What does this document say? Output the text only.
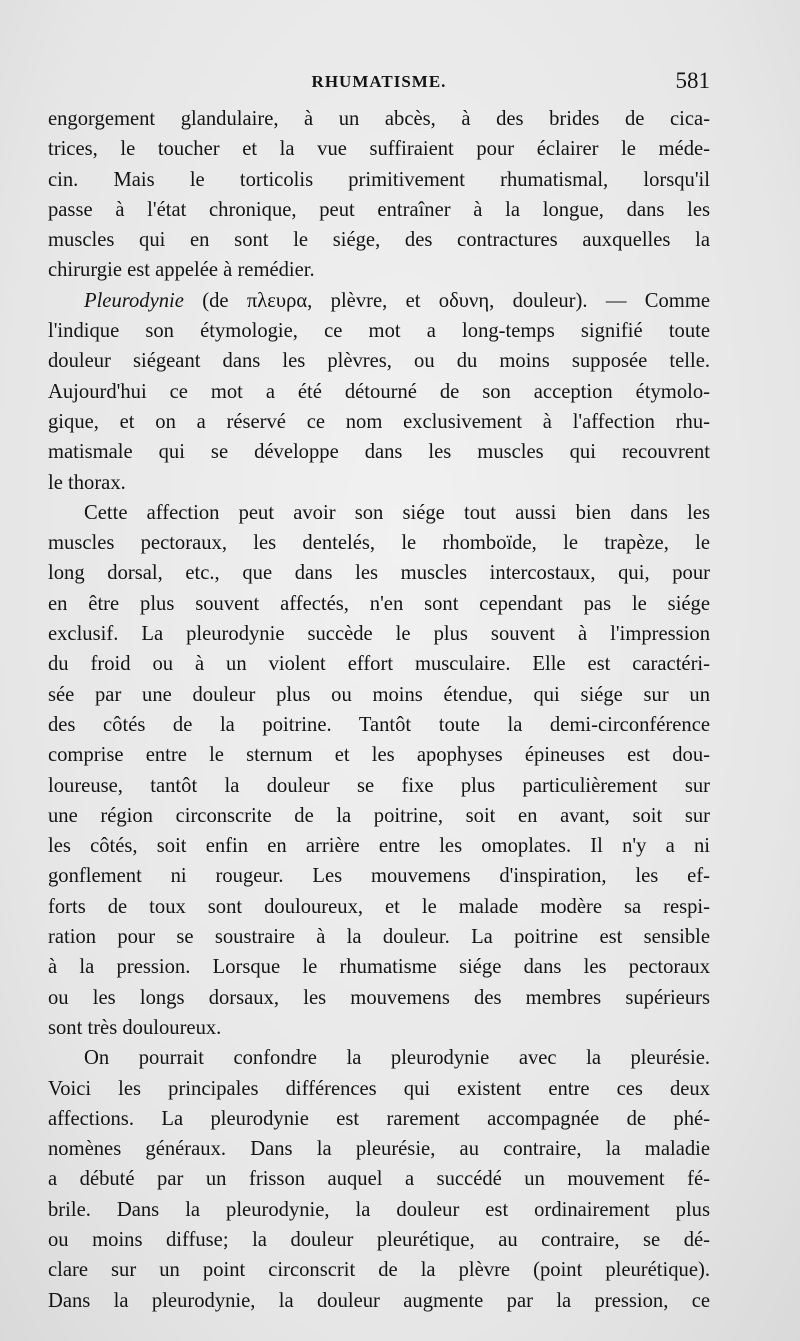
RHUMATISME.	581
engorgement glandulaire, à un abcès, à des brides de cica-
trices, le toucher et la vue suffiraient pour éclairer le méde-
cin. Mais le torticolis primitivement rhumatismal, lorsqu'il
passe à l'état chronique, peut entraîner à la longue, dans les
muscles qui en sont le siége, des contractures auxquelles la
chirurgie est appelée à remédier.
Pleurodynie (de πλευρα, plèvre, et οδυνη, douleur). — Comme
l'indique son étymologie, ce mot a long-temps signifié toute
douleur siégeant dans les plèvres, ou du moins supposée telle.
Aujourd'hui ce mot a été détourné de son acception étymolo-
gique, et on a réservé ce nom exclusivement à l'affection rhu-
matismale qui se développe dans les muscles qui recouvrent
le thorax.
Cette affection peut avoir son siége tout aussi bien dans les
muscles pectoraux, les dentelés, le rhomboïde, le trapèze, le
long dorsal, etc., que dans les muscles intercostaux, qui, pour
en être plus souvent affectés, n'en sont cependant pas le siége
exclusif. La pleurodynie succède le plus souvent à l'impression
du froid ou à un violent effort musculaire. Elle est caractéri-
sée par une douleur plus ou moins étendue, qui siége sur un
des côtés de la poitrine. Tantôt toute la demi-circonférence
comprise entre le sternum et les apophyses épineuses est dou-
loureuse, tantôt la douleur se fixe plus particulièrement sur
une région circonscrite de la poitrine, soit en avant, soit sur
les côtés, soit enfin en arrière entre les omoplates. Il n'y a ni
gonflement ni rougeur. Les mouvemens d'inspiration, les ef-
forts de toux sont douloureux, et le malade modère sa respi-
ration pour se soustraire à la douleur. La poitrine est sensible
à la pression. Lorsque le rhumatisme siége dans les pectoraux
ou les longs dorsaux, les mouvemens des membres supérieurs
sont très douloureux.
On pourrait confondre la pleurodynie avec la pleurésie.
Voici les principales différences qui existent entre ces deux
affections. La pleurodynie est rarement accompagnée de phé-
nomènes généraux. Dans la pleurésie, au contraire, la maladie
a débuté par un frisson auquel a succédé un mouvement fé-
brile. Dans la pleurodynie, la douleur est ordinairement plus
ou moins diffuse; la douleur pleurétique, au contraire, se dé-
clare sur un point circonscrit de la plèvre (point pleurétique).
Dans la pleurodynie, la douleur augmente par la pression, ce
